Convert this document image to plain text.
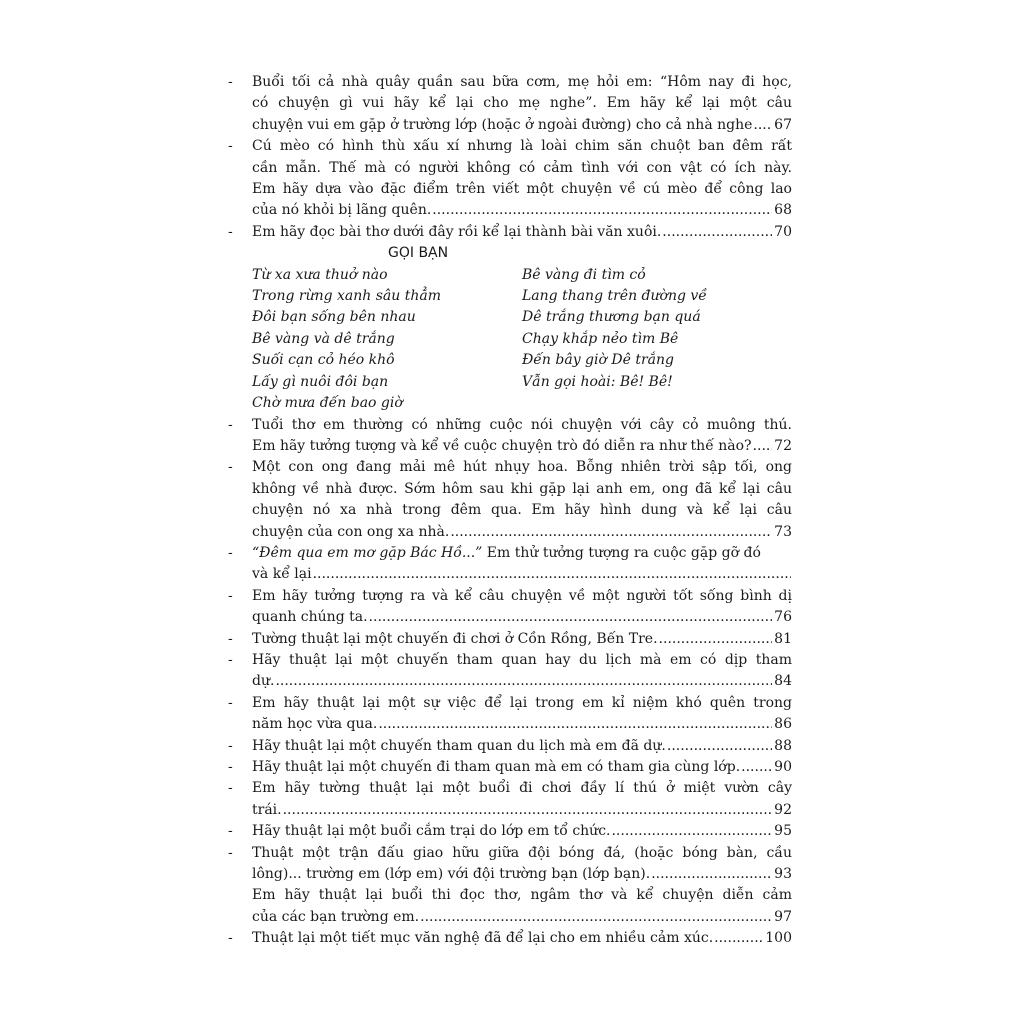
- Buổi tối cả nhà quây quần sau bữa cơm, mẹ hỏi em: “Hôm nay đi học,
có chuyện gì vui hãy kể lại cho mẹ nghe”. Em hãy kể lại một câu
chuyện vui em gặp ở trường lớp (hoặc ở ngoài đường) cho cả nhà nghe ..... 67
- Cú mèo có hình thù xấu xí nhưng là loài chim săn chuột ban đêm rất
cần mẫn. Thế mà có người không có cảm tình với con vật có ích này.
Em hãy dựa vào đặc điểm trên viết một chuyện về cú mèo để công lao
của nó khỏi bị lãng quên. .....	68
- Em hãy đọc bài thơ dưới đây rồi kể lại thành bài văn xuôi. .....	70
GỌI BẠN
Từ xa xưa thuở nào
Trong rừng xanh sâu thẳm
Đôi bạn sống bên nhau
Bê vàng và dê trắng
Suối cạn cỏ héo khô
Lấy gì nuôi đôi bạn
Chờ mưa đến bao giờ
Bê vàng đi tìm cỏ
Lang thang trên đường về
Dê trắng thương bạn quá
Chạy khắp nẻo tìm Bê
Đến bây giờ Dê trắng
Vẫn gọi hoài: Bê! Bê!
- Tuổi thơ em thường có những cuộc nói chuyện với cây cỏ muông thú.
Em hãy tưởng tượng và kể về cuộc chuyện trò đó diễn ra như thế nào? ..... 72
- Một con ong đang mải mê hút nhụy hoa. Bỗng nhiên trời sập tối, ong
không về nhà được. Sớm hôm sau khi gặp lại anh em, ong đã kể lại câu
chuyện nó xa nhà trong đêm qua. Em hãy hình dung và kể lại câu
chuyện của con ong xa nhà. .....	73
- “Đêm qua em mơ gặp Bác Hồ...” Em thử tưởng tượng ra cuộc gặp gỡ đó
và kể lại
.....
- Em hãy tưởng tượng ra và kể câu chuyện về một người tốt sống bình dị
quanh chúng ta. .....	76
- Tường thuật lại một chuyến đi chơi ở Cồn Rồng, Bến Tre. .....	81
- Hãy thuật lại một chuyến tham quan hay du lịch mà em có dịp tham
dự. .....	84
- Em hãy thuật lại một sự việc để lại trong em kỉ niệm khó quên trong
năm học vừa qua. .....	86
- Hãy thuật lại một chuyến tham quan du lịch mà em đã dự. .....	88
- Hãy thuật lại một chuyến đi tham quan mà em có tham gia cùng lớp. ..... 90
- Em hãy tường thuật lại một buổi đi chơi đầy lí thú ở miệt vườn cây
trái. .....	92
- Hãy thuật lại một buổi cắm trại do lớp em tổ chức. .....	95
- Thuật một trận đấu giao hữu giữa đội bóng đá, (hoặc bóng bàn, cầu
lông)... trường em (lớp em) với đội trường bạn (lớp bạn). .....	93
Em hãy thuật lại buổi thi đọc thơ, ngâm thơ và kể chuyện diễn cảm
của các bạn trường em. .....	97
- Thuật lại một tiết mục văn nghệ đã để lại cho em nhiều cảm xúc. .....	100
